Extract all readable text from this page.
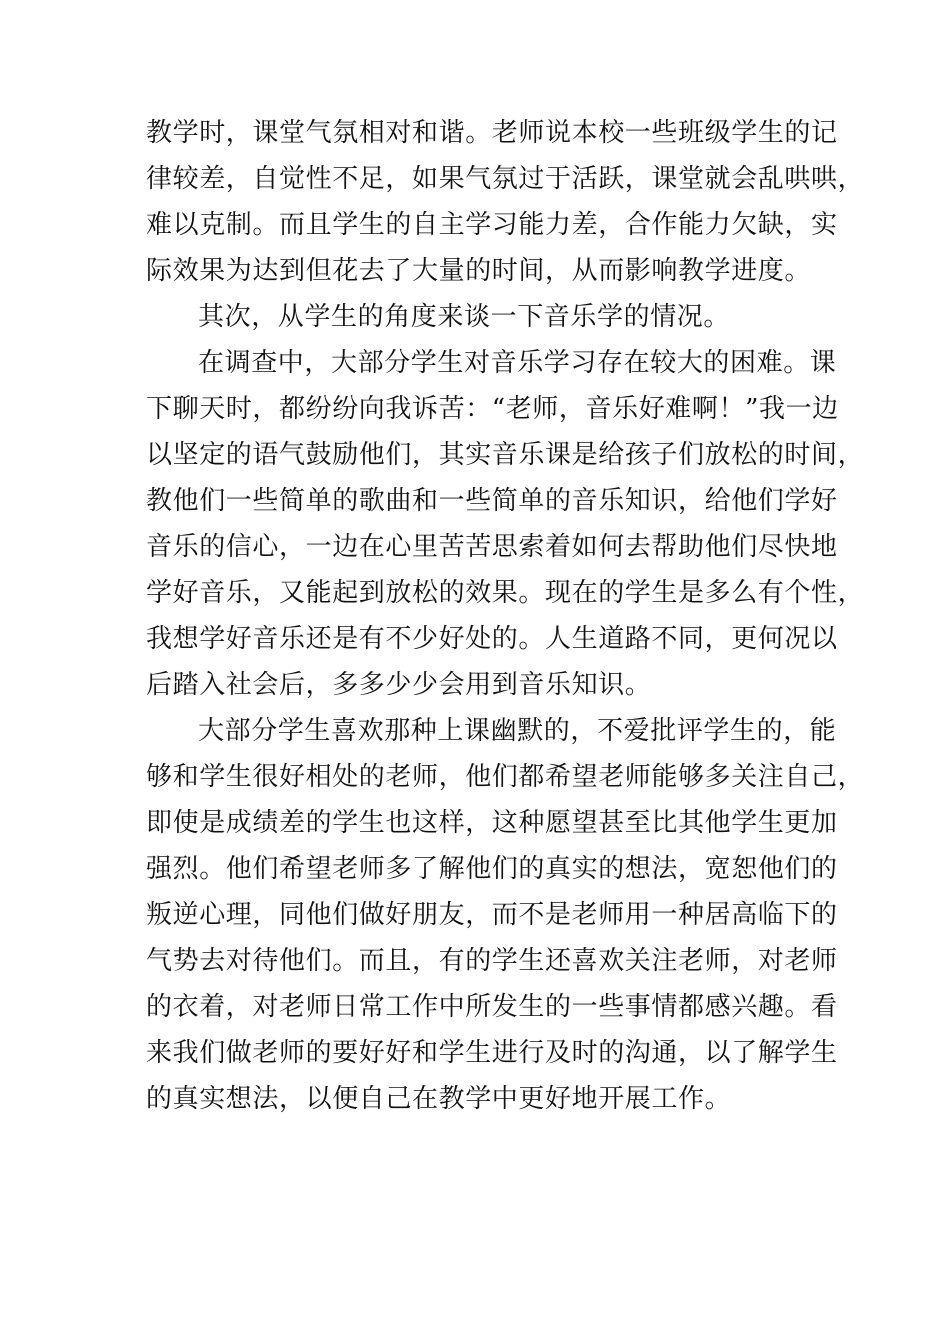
教学时，课堂气氛相对和谐。老师说本校一些班级学生的记
律较差，自觉性不足，如果气氛过于活跃，课堂就会乱哄哄，
难以克制。而且学生的自主学习能力差，合作能力欠缺，实
际效果为达到但花去了大量的时间，从而影响教学进度。
其次，从学生的角度来谈一下音乐学的情况。
在调查中，大部分学生对音乐学习存在较大的困难。课
下聊天时，都纷纷向我诉苦：“老师，音乐好难啊！”我一边
以坚定的语气鼓励他们，其实音乐课是给孩子们放松的时间，
教他们一些简单的歌曲和一些简单的音乐知识，给他们学好
音乐的信心，一边在心里苦苦思索着如何去帮助他们尽快地
学好音乐，又能起到放松的效果。现在的学生是多么有个性，
我想学好音乐还是有不少好处的。人生道路不同，更何况以
后踏入社会后，多多少少会用到音乐知识。
大部分学生喜欢那种上课幽默的，不爱批评学生的，能
够和学生很好相处的老师，他们都希望老师能够多关注自己，
即使是成绩差的学生也这样，这种愿望甚至比其他学生更加
强烈。他们希望老师多了解他们的真实的想法，宽恕他们的
叛逆心理，同他们做好朋友，而不是老师用一种居高临下的
气势去对待他们。而且，有的学生还喜欢关注老师，对老师
的衣着，对老师日常工作中所发生的一些事情都感兴趣。看
来我们做老师的要好好和学生进行及时的沟通，以了解学生
的真实想法，以便自己在教学中更好地开展工作。
